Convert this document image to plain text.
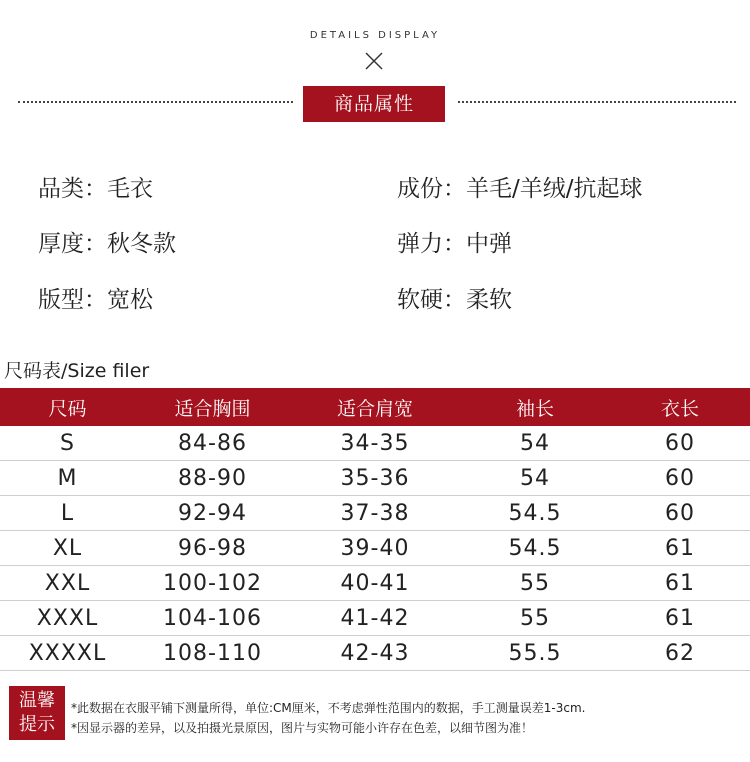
DETAILS DISPLAY
商品属性
品类：毛衣	成份：羊毛/羊绒/抗起球
厚度：秋冬款	弹力：中弹
版型：宽松	软硬：柔软
尺码表/Size filer
尺码	适合胸围	适合肩宽	袖长	衣长
S	84-86	34-35	54	60
M	88-90	35-36	54	60
L	92-94	37-38	54.5	60
XL	96-98	39-40	54.5	61
XXL	100-102	40-41	55	61
XXXL	104-106	41-42	55	61
XXXXL	108-110	42-43	55.5	62
温馨
提示
*此数据在衣服平铺下测量所得，单位:CM厘米，不考虑弹性范围内的数据，手工测量误差1-3cm.
*因显示器的差异，以及拍摄光景原因，图片与实物可能小许存在色差，以细节图为准！
